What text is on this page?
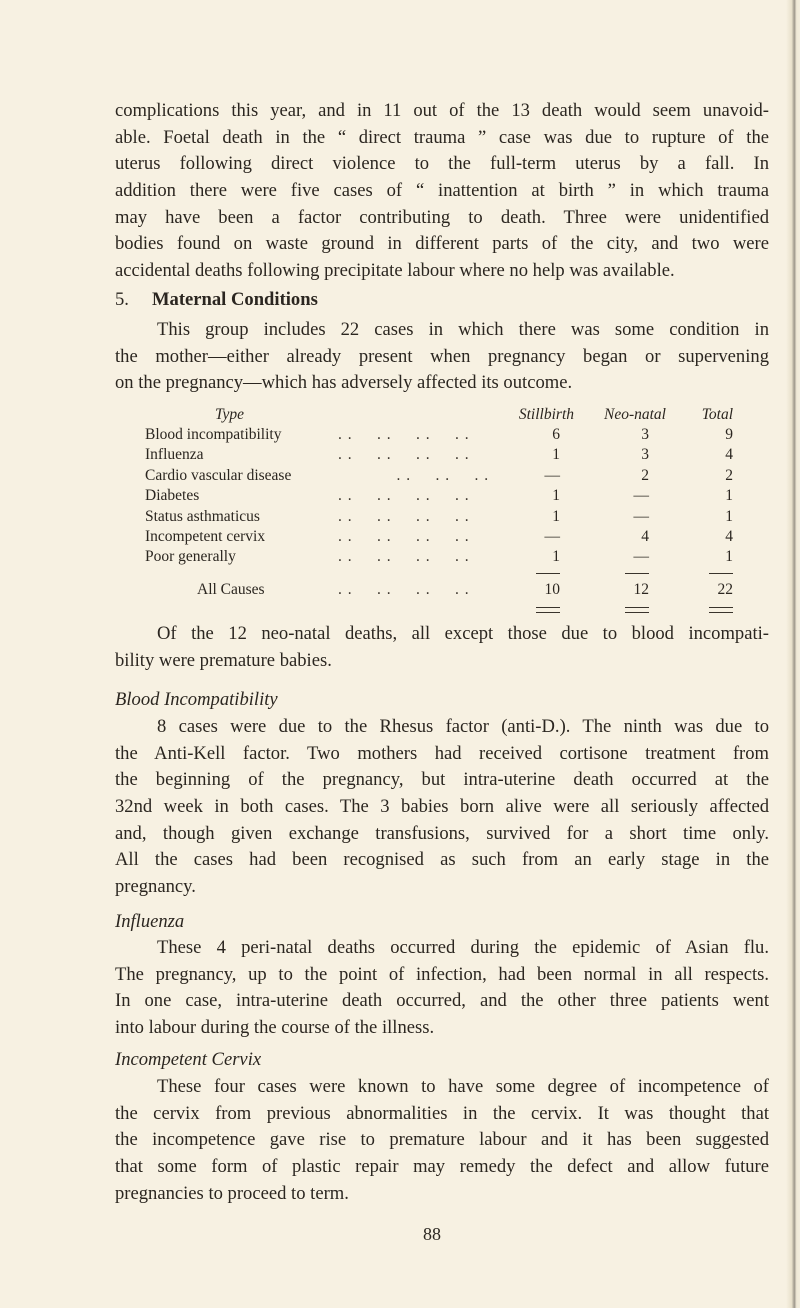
complications this year, and in 11 out of the 13 death would seem unavoid-
able. Foetal death in the “ direct trauma ” case was due to rupture of the
uterus following direct violence to the full-term uterus by a fall. In
addition there were five cases of “ inattention at birth ” in which trauma
may have been a factor contributing to death. Three were unidentified
bodies found on waste ground in different parts of the city, and two were
accidental deaths following precipitate labour where no help was available.
5. Maternal Conditions
This group includes 22 cases in which there was some condition in
the mother—either already present when pregnancy began or supervening
on the pregnancy—which has adversely affected its outcome.
Type	Stillbirth Neo-natal Total
Blood incompatibility	. .     . .     . .     . .	6	3	9
Influenza	. .     . .     . .     . .	1	3	4
Cardio vascular disease	. .     . .     . .	—	2	2
Diabetes	. .     . .     . .     . .	1	—	1
Status asthmaticus	. .     . .     . .     . .	1	—	1
Incompetent cervix	. .     . .     . .     . .	—	4	4
Poor generally	. .     . .     . .     . .	1	—	1
All Causes	. .     . .     . .     . .	10	12	22
Of the 12 neo-natal deaths, all except those due to blood incompati-
bility were premature babies.
Blood Incompatibility
8 cases were due to the Rhesus factor (anti-D.). The ninth was due to
the Anti-Kell factor. Two mothers had received cortisone treatment from
the beginning of the pregnancy, but intra-uterine death occurred at the
32nd week in both cases. The 3 babies born alive were all seriously affected
and, though given exchange transfusions, survived for a short time only.
All the cases had been recognised as such from an early stage in the
pregnancy.
Influenza
These 4 peri-natal deaths occurred during the epidemic of Asian flu.
The pregnancy, up to the point of infection, had been normal in all respects.
In one case, intra-uterine death occurred, and the other three patients went
into labour during the course of the illness.
Incompetent Cervix
These four cases were known to have some degree of incompetence of
the cervix from previous abnormalities in the cervix. It was thought that
the incompetence gave rise to premature labour and it has been suggested
that some form of plastic repair may remedy the defect and allow future
pregnancies to proceed to term.
88
